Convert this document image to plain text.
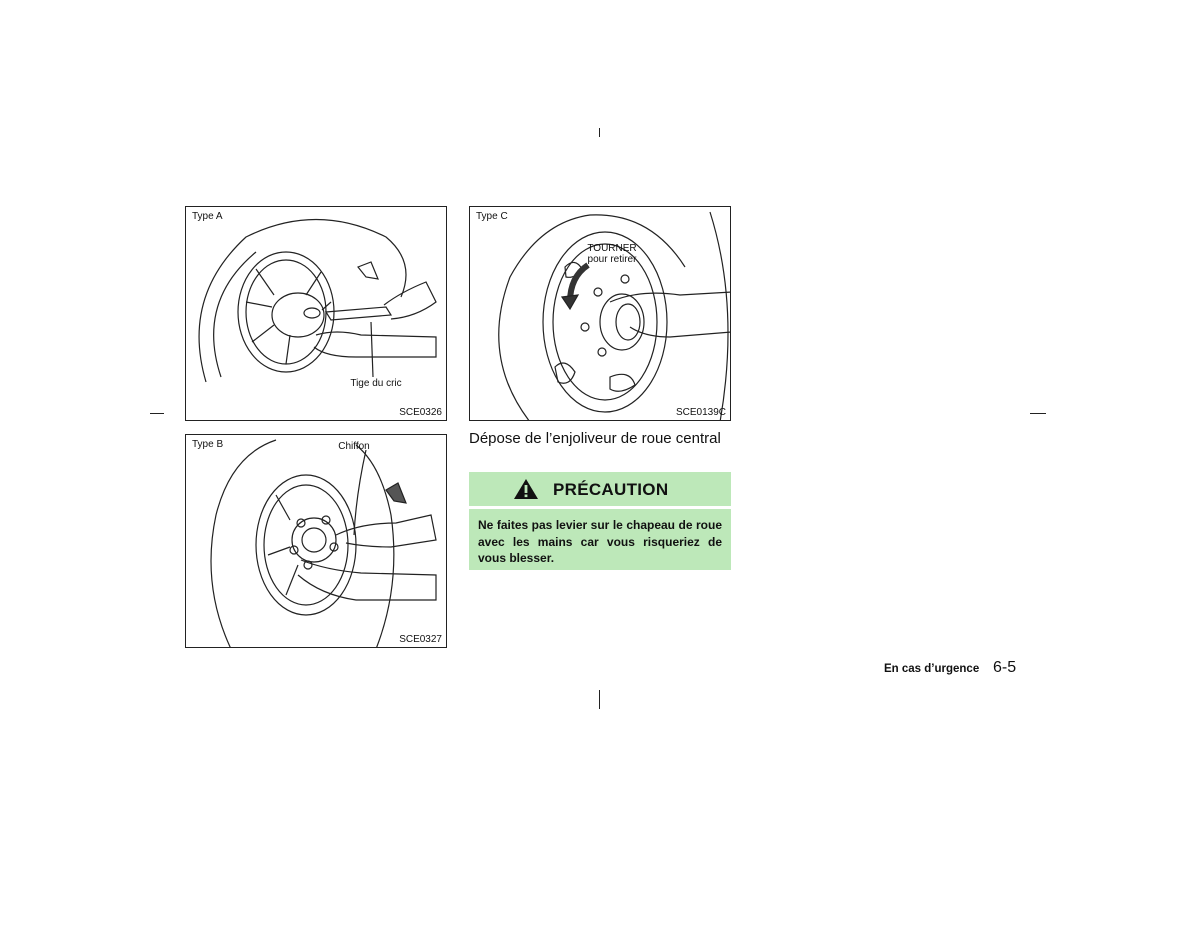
Type A
Tige du cric
SCE0326
Type C
TOURNER
pour retirer
SCE0139C
Type B	Chiffon
SCE0327
Dépose de l’enjoliveur de roue central
PRÉCAUTION
Ne faites pas levier sur le chapeau de roue avec les mains car vous risqueriez de vous blesser.
En cas d’urgence 6-5
